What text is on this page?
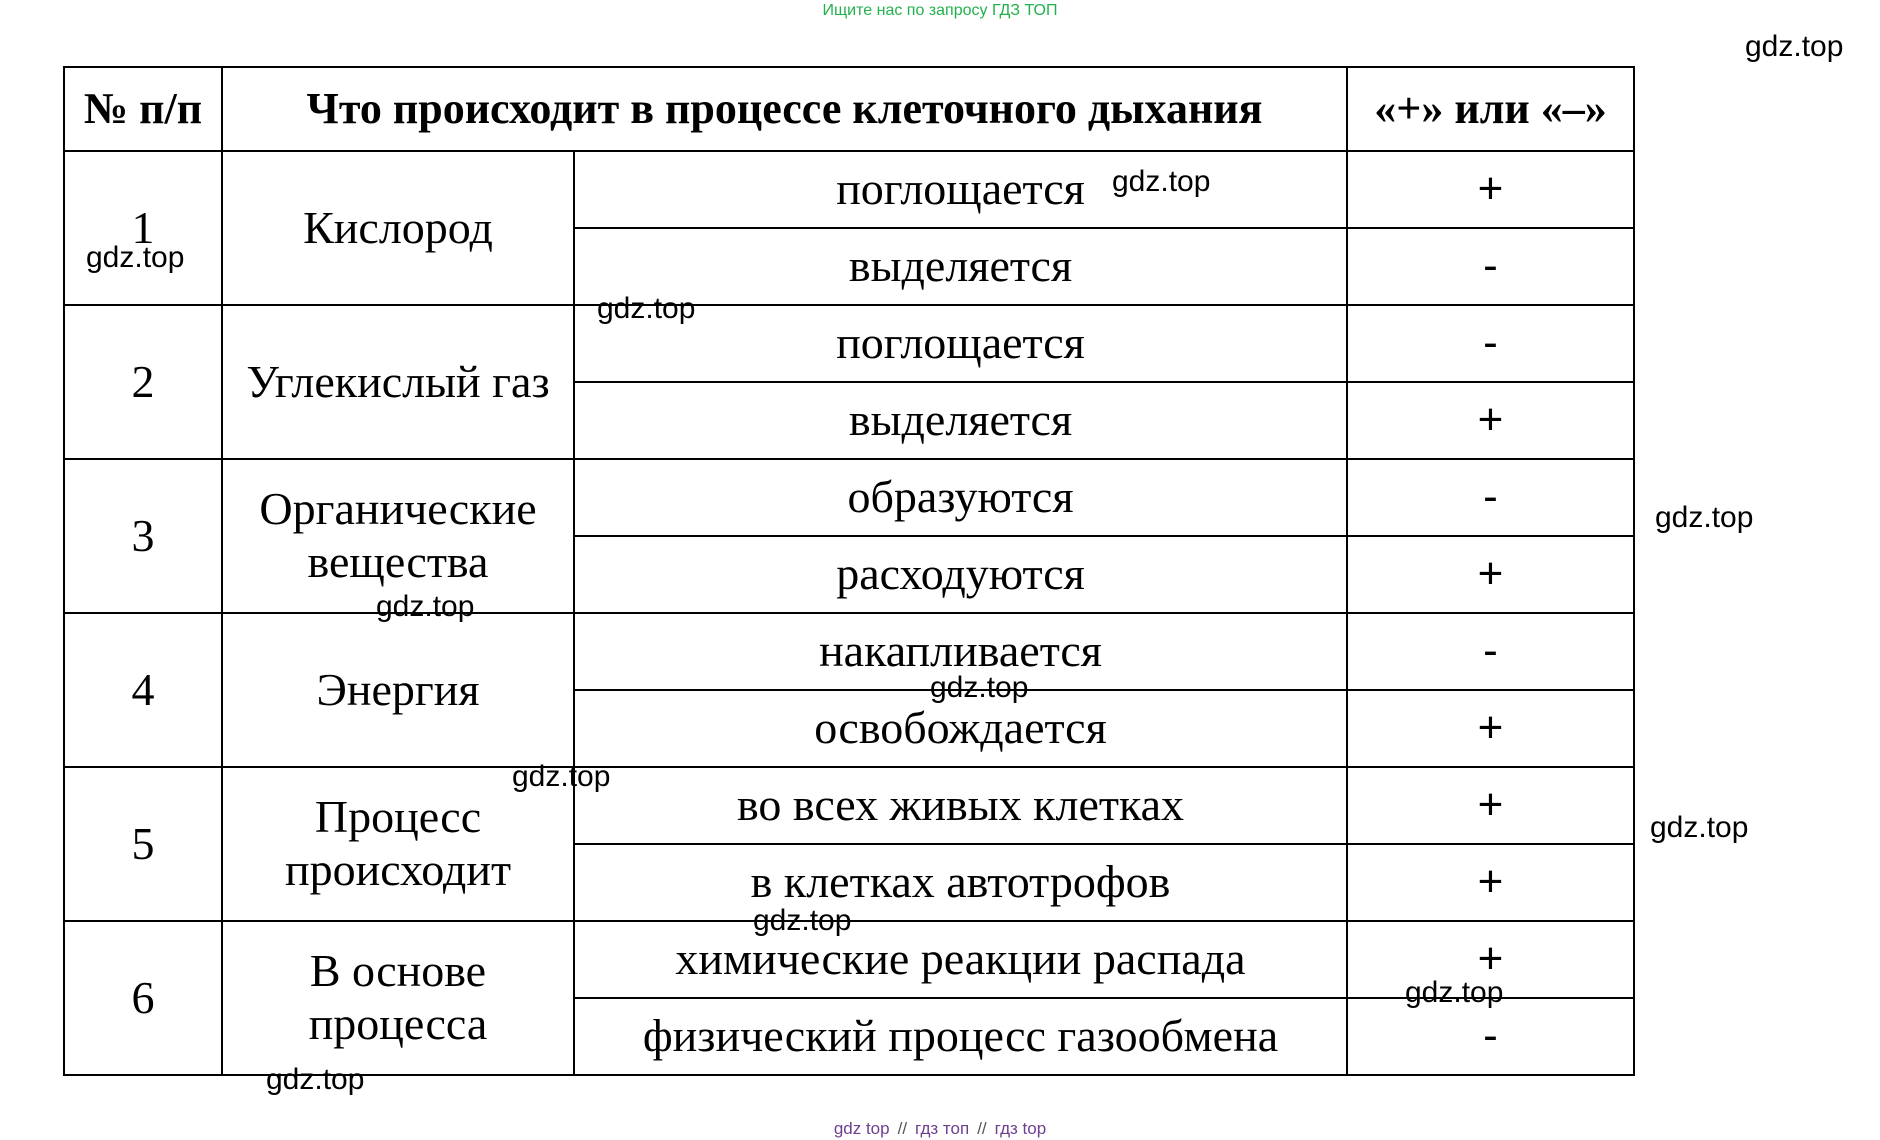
Ищите нас по запросу ГДЗ ТОП
№ п/п	Что происходит в процессе клеточного дыхания		«+» или «–»
1	Кислород	поглощается	+
		выделяется	-
2	Углекислый газ	поглощается	-
		выделяется	+
3	Органические вещества	образуются	-
		расходуются	+
4	Энергия	накапливается	-
		освобождается	+
5	Процесс происходит	во всех живых клетках	+
		в клетках автотрофов	+
6	В основе процесса	химические реакции распада	+
		физический процесс газообмена	-
gdz.top
gdz.top
gdz.top
gdz.top
gdz.top
gdz.top
gdz.top
gdz.top
gdz.top
gdz.top
gdz.top
gdz.top
gdz top // гдз топ // гдз top
